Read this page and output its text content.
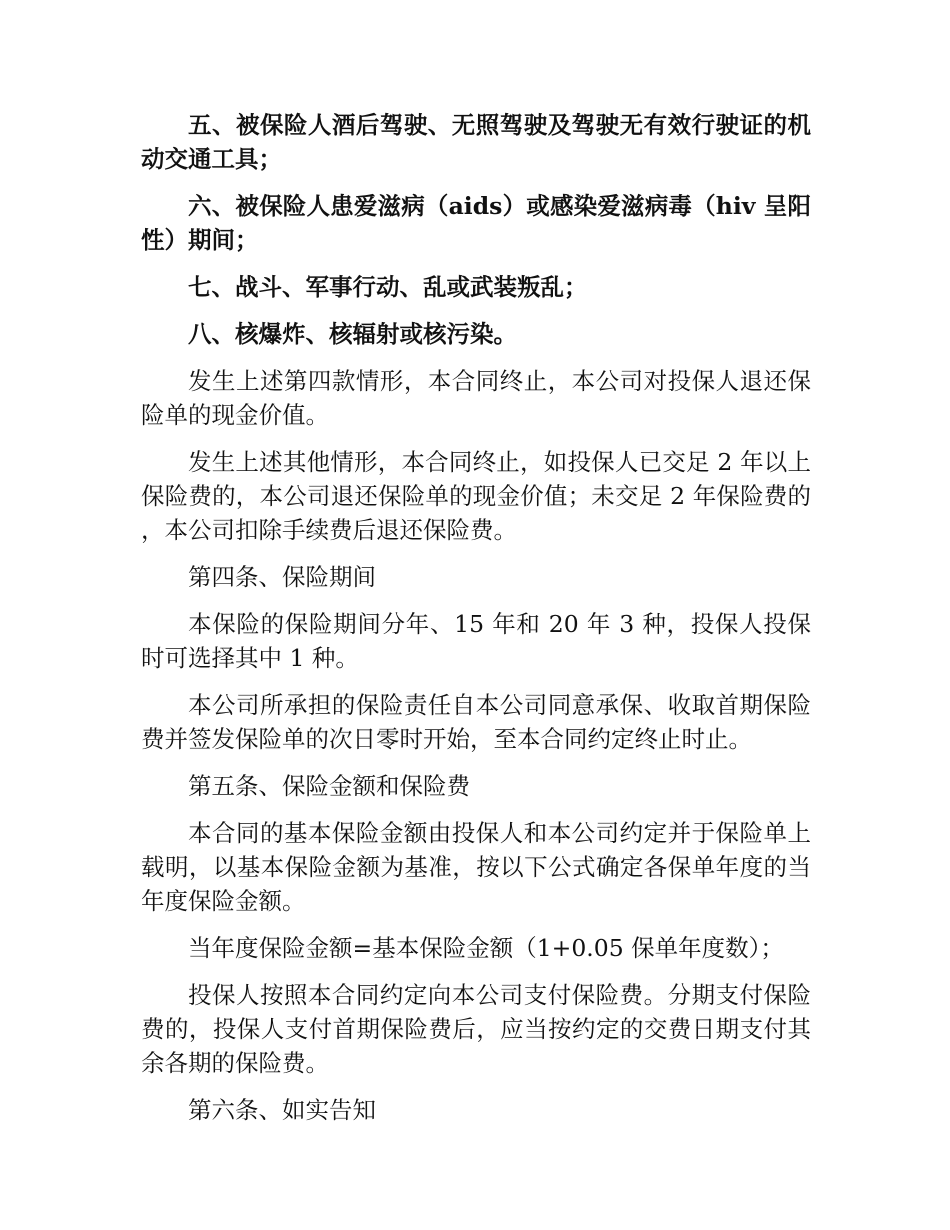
五、被保险人酒后驾驶、无照驾驶及驾驶无有效行驶证的机动交通工具；

六、被保险人患爱滋病（aids）或感染爱滋病毒（hiv 呈阳性）期间；

七、战斗、军事行动、乱或武装叛乱；

八、核爆炸、核辐射或核污染。

发生上述第四款情形，本合同终止，本公司对投保人退还保险单的现金价值。

发生上述其他情形，本合同终止，如投保人已交足 2 年以上保险费的，本公司退还保险单的现金价值；未交足 2 年保险费的，本公司扣除手续费后退还保险费。

第四条、保险期间

本保险的保险期间分年、15 年和 20 年 3 种，投保人投保时可选择其中 1 种。

本公司所承担的保险责任自本公司同意承保、收取首期保险费并签发保险单的次日零时开始，至本合同约定终止时止。

第五条、保险金额和保险费

本合同的基本保险金额由投保人和本公司约定并于保险单上载明，以基本保险金额为基准，按以下公式确定各保单年度的当年度保险金额。

当年度保险金额=基本保险金额（1+0.05 保单年度数）；

投保人按照本合同约定向本公司支付保险费。分期支付保险费的，投保人支付首期保险费后，应当按约定的交费日期支付其余各期的保险费。

第六条、如实告知
